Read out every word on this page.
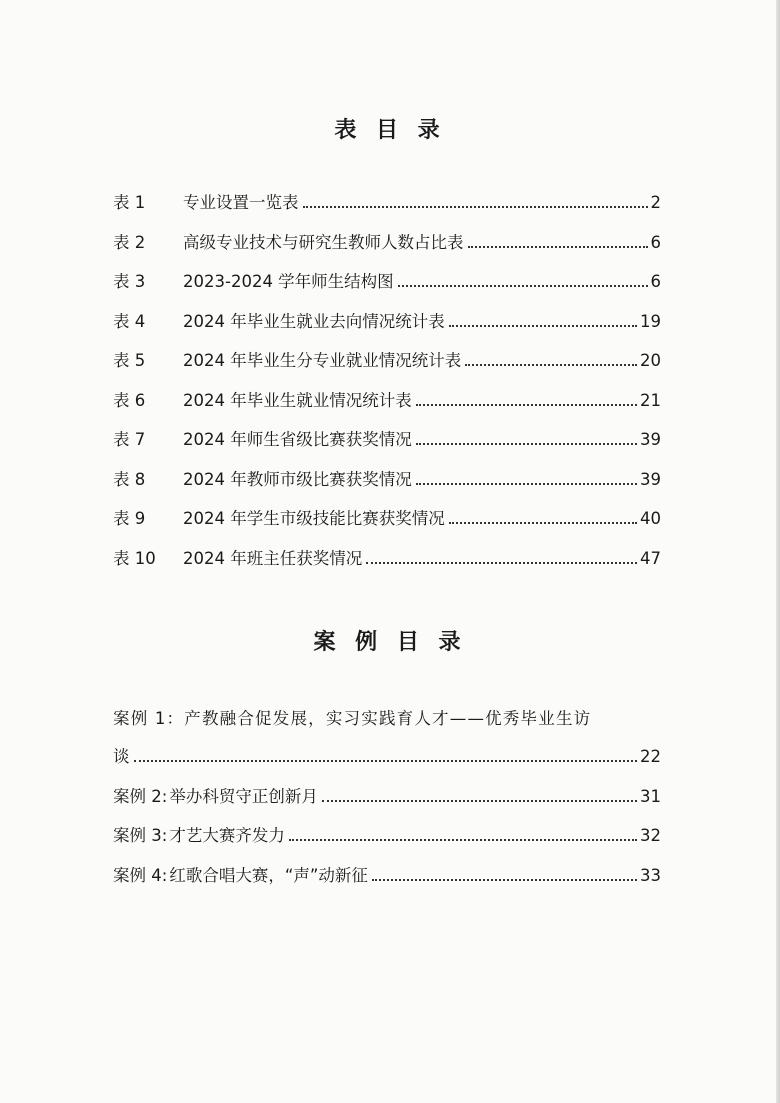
表 目 录
表 1	专业设置一览表	2
表 2	高级专业技术与研究生教师人数占比表	6
表 3	2023-2024 学年师生结构图	6
表 4	2024 年毕业生就业去向情况统计表	19
表 5	2024 年毕业生分专业就业情况统计表	20
表 6	2024 年毕业生就业情况统计表	21
表 7	2024 年师生省级比赛获奖情况	39
表 8	2024 年教师市级比赛获奖情况	39
表 9	2024 年学生市级技能比赛获奖情况	40
表 10	2024 年班主任获奖情况	47
案 例 目 录
案例 1：产教融合促发展，实习实践育人才——优秀毕业生访
谈	22
案例 2: 举办科贸守正创新月	31
案例 3: 才艺大赛齐发力	32
案例 4: 红歌合唱大赛，“声”动新征	33
